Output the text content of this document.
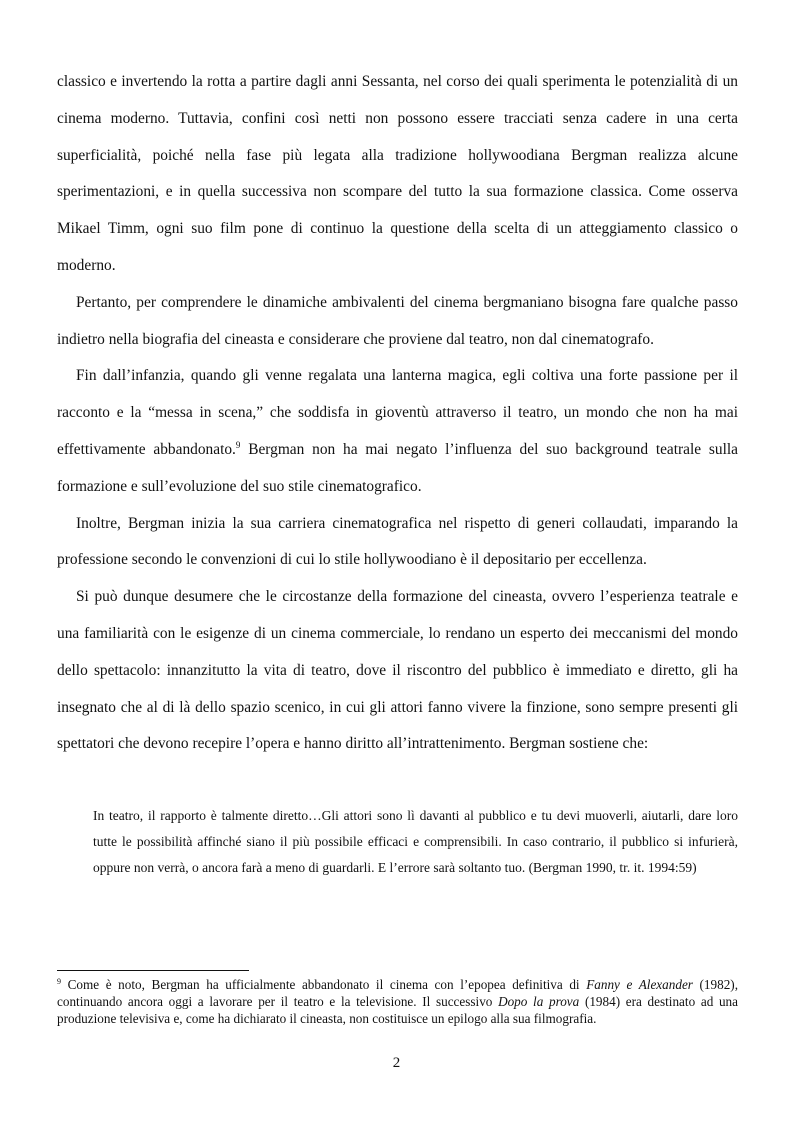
classico e invertendo la rotta a partire dagli anni Sessanta, nel corso dei quali sperimenta le potenzialità di un cinema moderno. Tuttavia, confini così netti non possono essere tracciati senza cadere in una certa superficialità, poiché nella fase più legata alla tradizione hollywoodiana Bergman realizza alcune sperimentazioni, e in quella successiva non scompare del tutto la sua formazione classica. Come osserva Mikael Timm, ogni suo film pone di continuo la questione della scelta di un atteggiamento classico o moderno.

Pertanto, per comprendere le dinamiche ambivalenti del cinema bergmaniano bisogna fare qualche passo indietro nella biografia del cineasta e considerare che proviene dal teatro, non dal cinematografo.

Fin dall’infanzia, quando gli venne regalata una lanterna magica, egli coltiva una forte passione per il racconto e la “messa in scena,” che soddisfa in gioventù attraverso il teatro, un mondo che non ha mai effettivamente abbandonato.$^9$ Bergman non ha mai negato l’influenza del suo background teatrale sulla formazione e sull’evoluzione del suo stile cinematografico.

Inoltre, Bergman inizia la sua carriera cinematografica nel rispetto di generi collaudati, imparando la professione secondo le convenzioni di cui lo stile hollywoodiano è il depositario per eccellenza.

Si può dunque desumere che le circostanze della formazione del cineasta, ovvero l’esperienza teatrale e una familiarità con le esigenze di un cinema commerciale, lo rendano un esperto dei meccanismi del mondo dello spettacolo: innanzitutto la vita di teatro, dove il riscontro del pubblico è immediato e diretto, gli ha insegnato che al di là dello spazio scenico, in cui gli attori fanno vivere la finzione, sono sempre presenti gli spettatori che devono recepire l’opera e hanno diritto all’intrattenimento. Bergman sostiene che:

In teatro, il rapporto è talmente diretto…Gli attori sono lì davanti al pubblico e tu devi muoverli, aiutarli, dare loro tutte le possibilità affinché siano il più possibile efficaci e comprensibili. In caso contrario, il pubblico si infurierà, oppure non verrà, o ancora farà a meno di guardarli. E l’errore sarà soltanto tuo. (Bergman 1990, tr. it. 1994:59)
$^9$ Come è noto, Bergman ha ufficialmente abbandonato il cinema con l’epopea definitiva di Fanny e Alexander (1982), continuando ancora oggi a lavorare per il teatro e la televisione. Il successivo Dopo la prova (1984) era destinato ad una produzione televisiva e, come ha dichiarato il cineasta, non costituisce un epilogo alla sua filmografia.
2
